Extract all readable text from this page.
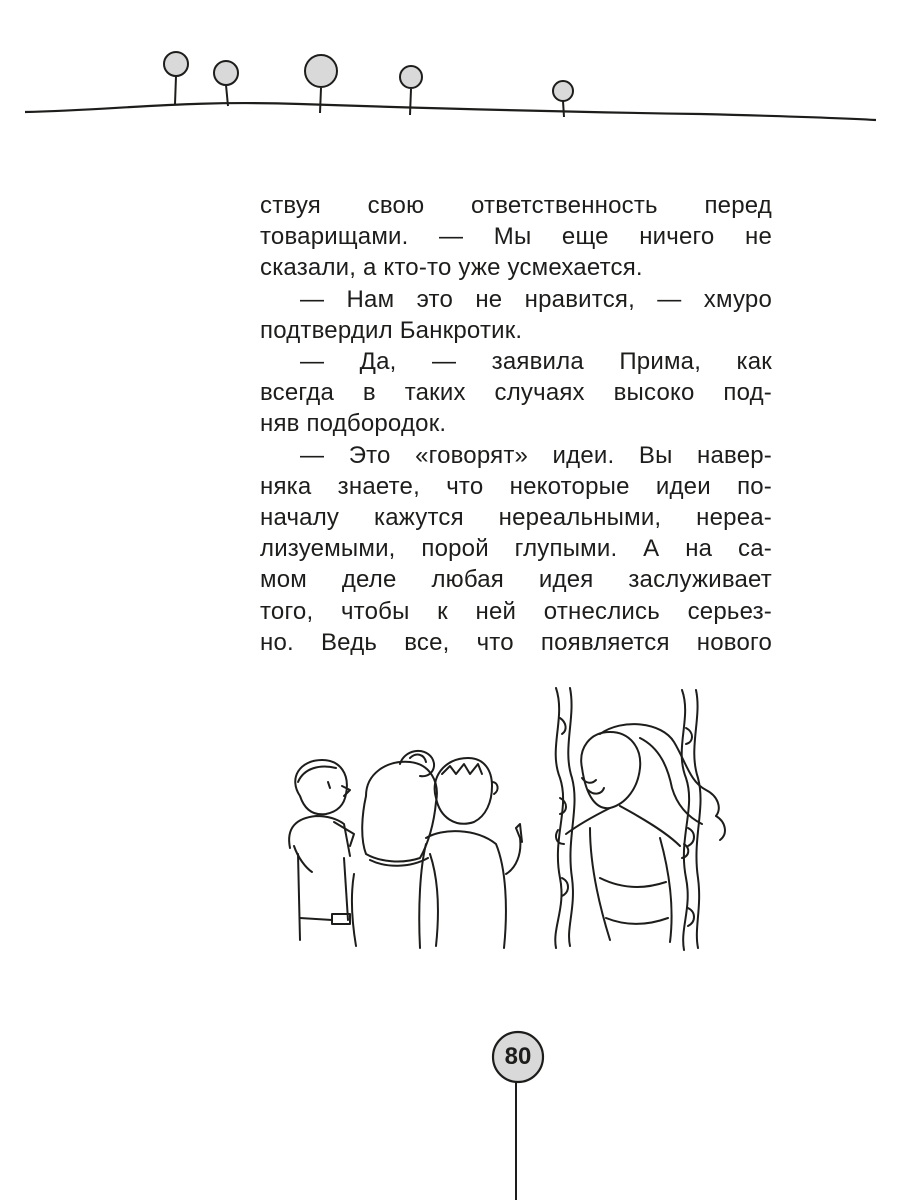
ствуя свою ответственность перед
товарищами. — Мы еще ничего не
сказали, а кто-то уже усмехается.
— Нам это не нравится, — хмуро
подтвердил Банкротик.
— Да, — заявила Прима, как
всегда в таких случаях высоко под-
няв подбородок.
— Это «говорят» идеи. Вы навер-
няка знаете, что некоторые идеи по-
началу кажутся нереальными, нереа-
лизуемыми, порой глупыми. А на са-
мом деле любая идея заслуживает
того, чтобы к ней отнеслись серьез-
но. Ведь все, что появляется нового
80
